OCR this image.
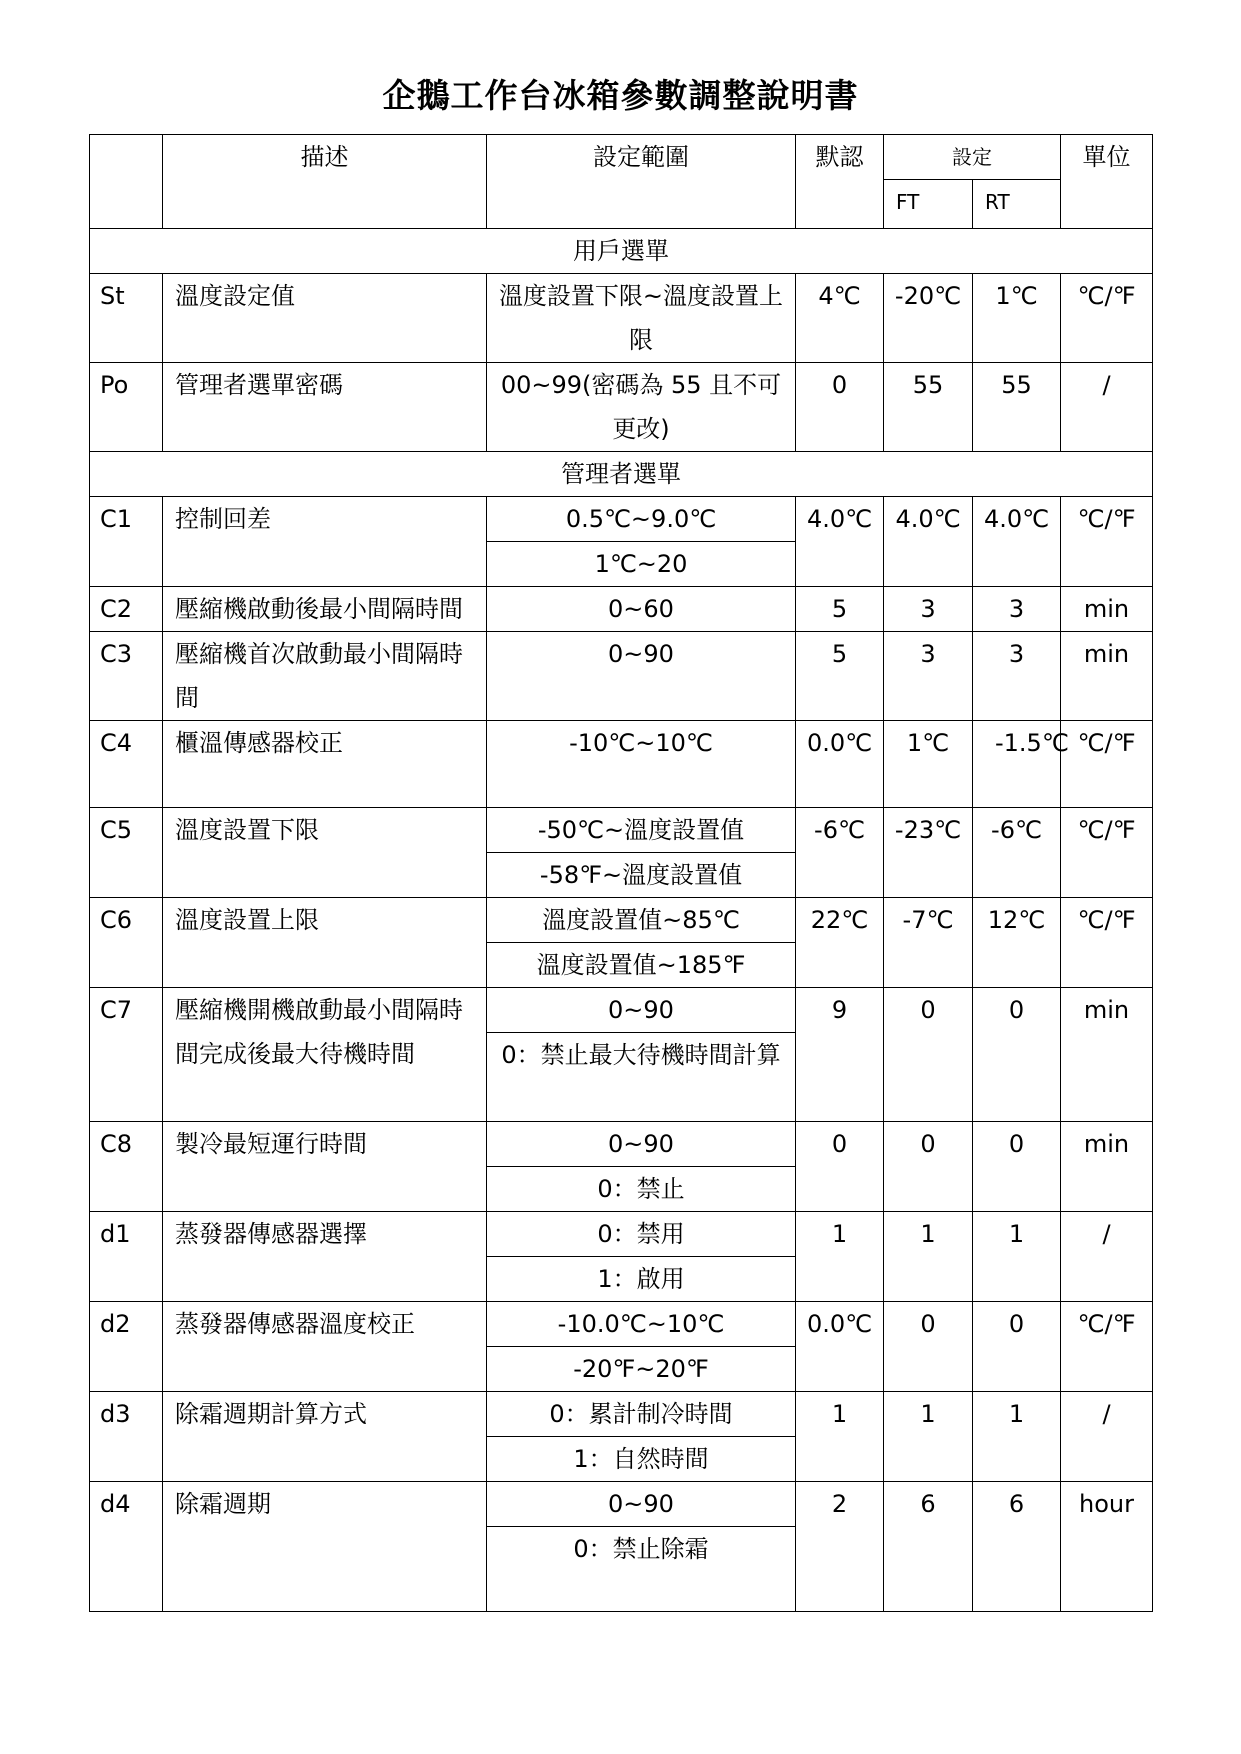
企鵝工作台冰箱參數調整說明書
	描述	設定範圍	默認	設定		單位
				FT	RT	
用戶選單						
St	溫度設定值	溫度設置下限~溫度設置上限	4℃	-20℃	1℃	℃/℉
Po	管理者選單密碼	00~99(密碼為 55 且不可更改)	0	55	55	/
管理者選單						
C1	控制回差	0.5℃~9.0℃	4.0℃	4.0℃	4.0℃	℃/℉
		1℃~20				
C2	壓縮機啟動後最小間隔時間	0~60	5	3	3	min
C3	壓縮機首次啟動最小間隔時間	0~90	5	3	3	min
C4	櫃溫傳感器校正	-10℃~10℃	0.0℃	1℃	-1.5℃	℃/℉
C5	溫度設置下限	-50℃~溫度設置值	-6℃	-23℃	-6℃	℃/℉
		-58℉~溫度設置值				
C6	溫度設置上限	溫度設置值~85℃	22℃	-7℃	12℃	℃/℉
		溫度設置值~185℉				
C7	壓縮機開機啟動最小間隔時間完成後最大待機時間	0~90	9	0	0	min
		0：禁止最大待機時間計算				
C8	製冷最短運行時間	0~90	0	0	0	min
		0：禁止				
d1	蒸發器傳感器選擇	0：禁用	1	1	1	/
		1：啟用				
d2	蒸發器傳感器溫度校正	-10.0℃~10℃	0.0℃	0	0	℃/℉
		-20℉~20℉				
d3	除霜週期計算方式	0：累計制冷時間	1	1	1	/
		1：自然時間				
d4	除霜週期	0~90	2	6	6	hour
		0：禁止除霜				
